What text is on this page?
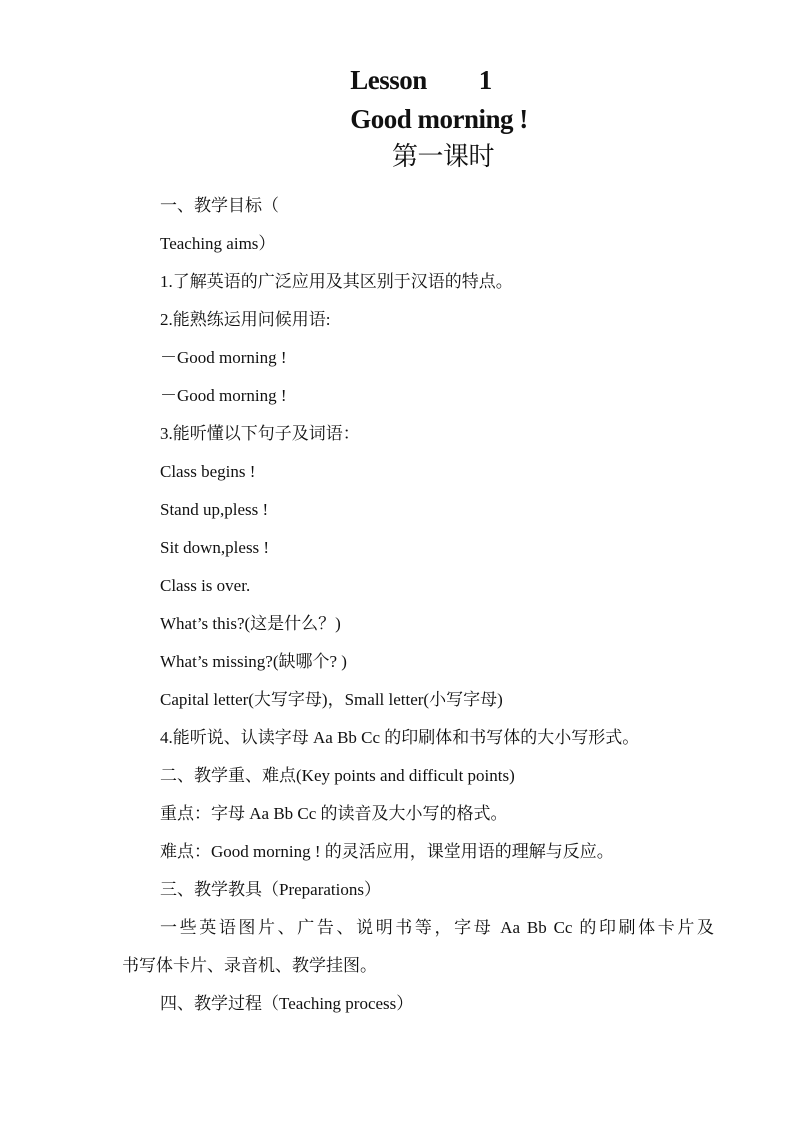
Lesson 1
Good morning !
第一课时
一、教学目标（
Teaching aims）
1.了解英语的广泛应用及其区别于汉语的特点。
2.能熟练运用问候用语:
－Good morning !
－Good morning !
3.能听懂以下句子及词语：
Class begins !
Stand up,pless !
Sit down,pless !
Class is over.
What’s this?(这是什么？)
What’s missing?(缺哪个? )
Capital letter(大写字母)，Small letter(小写字母)
4.能听说、认读字母 Aa Bb Cc 的印刷体和书写体的大小写形式。
二、教学重、难点(Key points and difficult points)
重点：字母 Aa Bb Cc 的读音及大小写的格式。
难点：Good morning ! 的灵活应用，课堂用语的理解与反应。
三、教学教具（Preparations）
一些英语图片、广告、说明书等，字母 Aa Bb Cc 的印刷体卡片及
书写体卡片、录音机、教学挂图。
四、教学过程（Teaching process）
